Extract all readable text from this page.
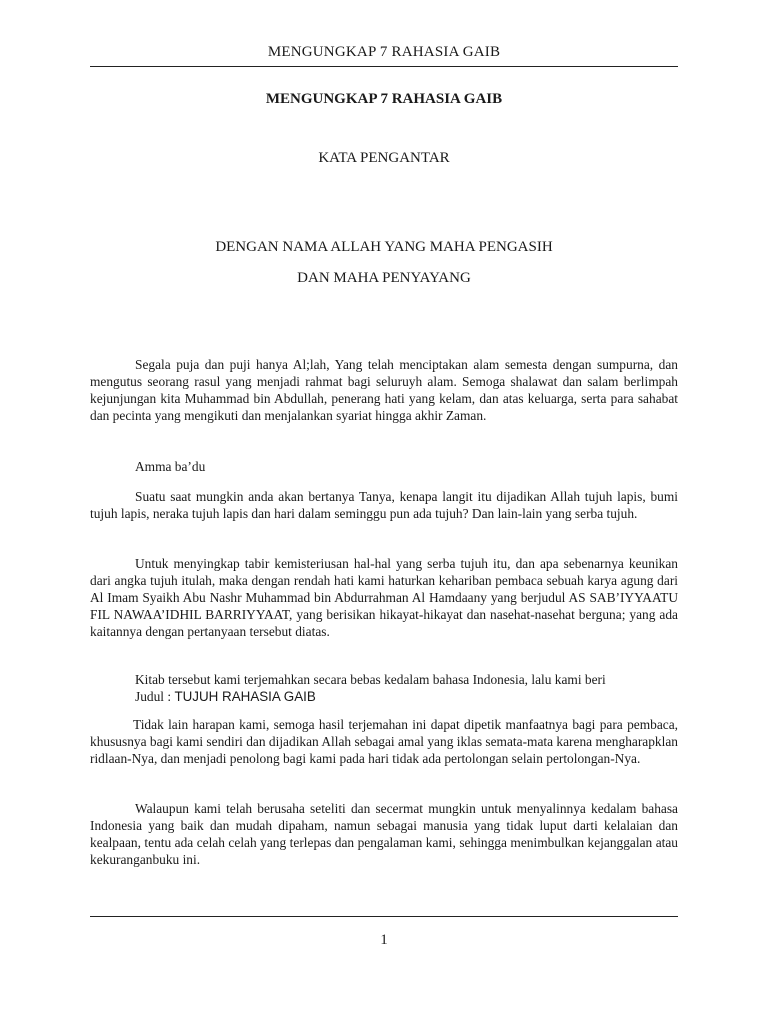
MENGUNGKAP 7 RAHASIA GAIB
MENGUNGKAP 7 RAHASIA GAIB
KATA PENGANTAR
DENGAN NAMA ALLAH YANG MAHA PENGASIH
DAN MAHA PENYAYANG

Segala puja dan puji hanya Al;lah, Yang telah menciptakan alam semesta dengan sumpurna, dan mengutus seorang rasul yang menjadi rahmat bagi seluruyh alam. Semoga shalawat dan salam berlimpah kejunjungan kita Muhammad bin Abdullah, penerang hati yang kelam, dan atas keluarga, serta para sahabat dan pecinta yang mengikuti dan menjalankan syariat hingga akhir Zaman.

Amma ba’du

Suatu saat mungkin anda akan bertanya Tanya, kenapa langit itu dijadikan Allah tujuh lapis, bumi tujuh lapis, neraka tujuh lapis dan hari dalam seminggu pun ada tujuh? Dan lain-lain yang serba tujuh.

Untuk menyingkap tabir kemisteriusan hal-hal yang serba tujuh itu, dan apa sebenarnya keunikan dari angka tujuh itulah, maka dengan rendah hati kami haturkan kehariban pembaca sebuah karya agung dari Al Imam Syaikh Abu Nashr Muhammad bin Abdurrahman Al Hamdaany yang berjudul AS SAB’IYYAATU FIL NAWAA’IDHIL BARRIYYAAT, yang berisikan hikayat-hikayat dan nasehat-nasehat berguna; yang ada kaitannya dengan pertanyaan tersebut diatas.

Kitab tersebut kami terjemahkan secara bebas kedalam bahasa Indonesia, lalu kami beri

Judul : TUJUH RAHASIA GAIB

Tidak lain harapan kami, semoga hasil terjemahan ini dapat dipetik manfaatnya bagi para pembaca, khususnya bagi kami sendiri dan dijadikan Allah sebagai amal yang iklas semata-mata karena mengharapklan ridlaan-Nya, dan menjadi penolong bagi kami pada hari tidak ada pertolongan selain pertolongan-Nya.

Walaupun kami telah berusaha seteliti dan secermat mungkin untuk menyalinnya kedalam bahasa Indonesia yang baik dan mudah dipaham, namun sebagai manusia yang tidak luput darti kelalaian dan kealpaan, tentu ada celah celah yang terlepas dan pengalaman kami, sehingga menimbulkan kejanggalan atau kekuranganbuku ini.

1
